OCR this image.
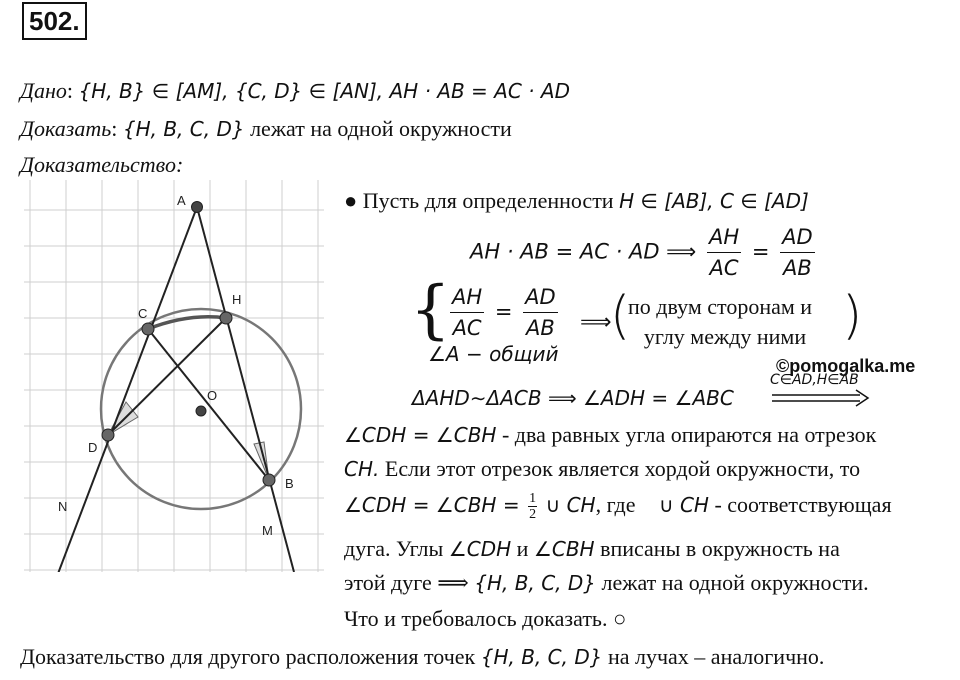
502.
Дано: {H, B} ∈ [AM], {C, D} ∈ [AN], AH · AB = AC · AD
Доказать: {H, B, C, D} лежат на одной окружности
Доказательство:
A
C
H
O
D
B
N
M
● Пусть для определенности H ∈ [AB], C ∈ [AD]
AH · AB = AC · AD ⟹ $\frac{AH}{AC} = \frac{AD}{AB}$
{ $\frac{AH}{AC} = \frac{AD}{AB}$
∠A − общий
⟹
(
по двум сторонам и
углу между ними )
©pomogalka.me
ΔAHD∼ΔACB ⟹ ∠ADH = ∠ABC
C∈AD,H∈AB
∠CDH = ∠CBH - два равных угла опираются на отрезок
CH. Если этот отрезок является хордой окружности, то
∠CDH = ∠CBH = $\frac{1}{2}$ ∪ CH, где ∪ CH - соответствующая
дуга. Углы ∠CDH и ∠CBH вписаны в окружность на
этой дуге ⟹ {H, B, C, D} лежат на одной окружности.
Что и требовалось доказать. ○
Доказательство для другого расположения точек {H, B, C, D} на лучах – аналогично.
